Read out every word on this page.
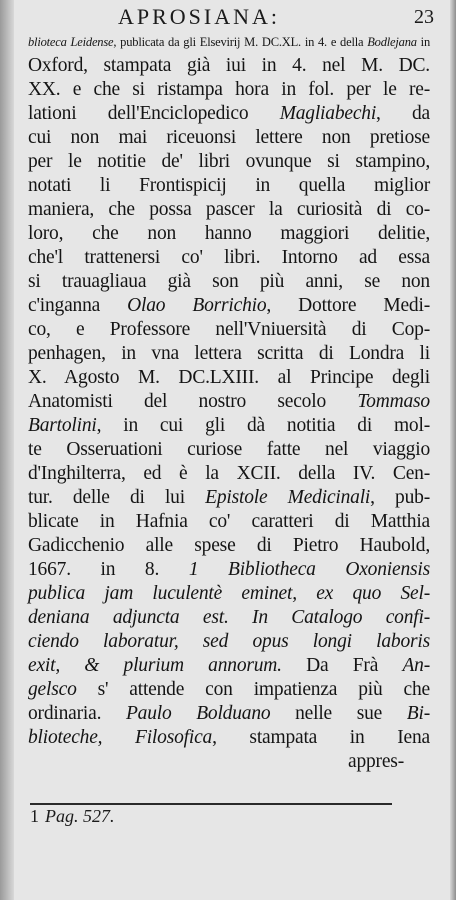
APROSIANA:	23
blioteca Leidense, publicata da gli Elsevirij M. DC.XL. in 4. e della Bodlejana in
Oxford, stampata già iui in 4. nel M. DC.
XX. e che si ristampa hora in fol. per le re-
lationi dell'Enciclopedico Magliabechi, da
cui non mai riceuonsi lettere non pretiose
per le notitie de' libri ovunque si stampino,
notati li Frontispicij in quella miglior
maniera, che possa pascer la curiosità di co-
loro, che non hanno maggiori delitie,
che'l trattenersi co' libri. Intorno ad essa
si trauagliaua già son più anni, se non
c'inganna Olao Borrichio, Dottore Medi-
co, e Professore nell'Vniuersità di Cop-
penhagen, in vna lettera scritta di Londra li
X. Agosto M. DC.LXIII. al Principe degli
Anatomisti del nostro secolo Tommaso
Bartolini, in cui gli dà notitia di mol-
te Osseruationi curiose fatte nel viaggio
d'Inghilterra, ed è la XCII. della IV. Cen-
tur. delle di lui Epistole Medicinali, pub-
blicate in Hafnia co' caratteri di Matthia
Gadicchenio alle spese di Pietro Haubold,
1667. in 8. 1 Bibliotheca Oxoniensis
publica jam luculentè eminet, ex quo Sel-
deniana adjuncta est. In Catalogo confi-
ciendo laboratur, sed opus longi laboris
exit, & plurium annorum. Da Frà An-
gelsco s' attende con impatienza più che
ordinaria. Paulo Bolduano nelle sue Bi-
blioteche, Filosofica, stampata in Iena
appres-
1 Pag. 527.
